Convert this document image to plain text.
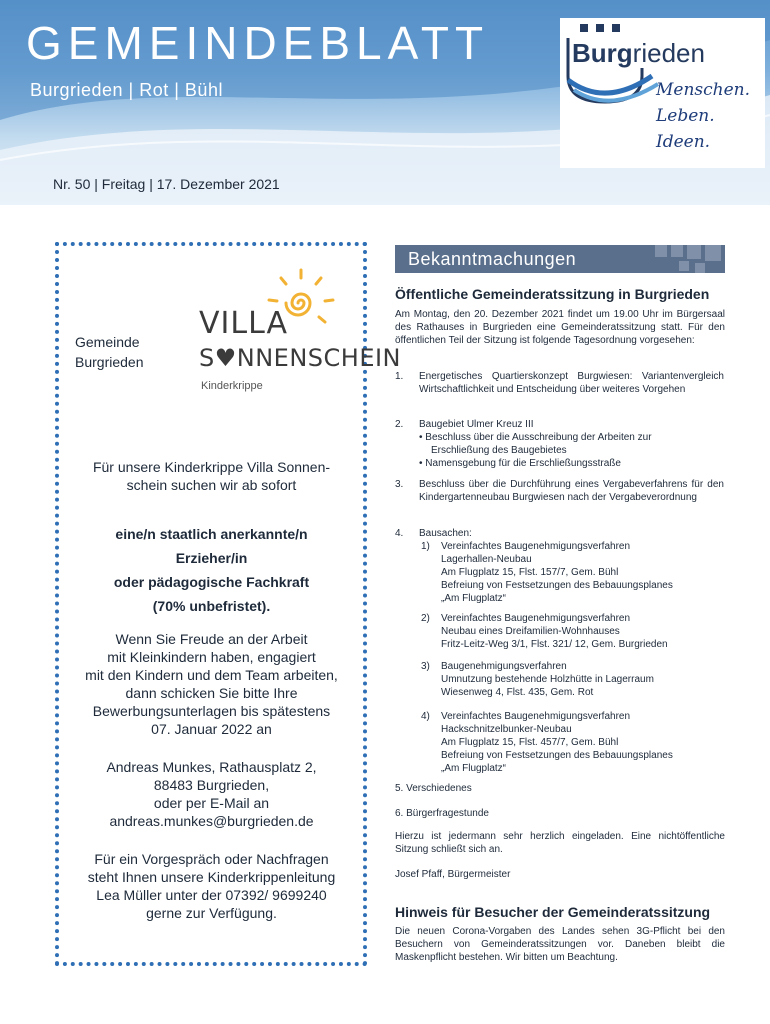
GEMEINDEBLATT
Burgrieden | Rot | Bühl
Nr. 50 | Freitag | 17. Dezember 2021
Burgrieden
Menschen.
Leben.
Ideen.
Gemeinde
Burgrieden
VILLA
S♥NNENSCHEIN
Kinderkrippe
Für unsere Kinderkrippe Villa Sonnen-
schein suchen wir ab sofort
eine/n staatlich anerkannte/n
Erzieher/in
oder pädagogische Fachkraft
(70% unbefristet).
Wenn Sie Freude an der Arbeit
mit Kleinkindern haben, engagiert
mit den Kindern und dem Team arbeiten,
dann schicken Sie bitte Ihre
Bewerbungsunterlagen bis spätestens
07. Januar 2022 an
Andreas Munkes, Rathausplatz 2,
88483 Burgrieden,
oder per E-Mail an
andreas.munkes@burgrieden.de
Für ein Vorgespräch oder Nachfragen
steht Ihnen unsere Kinderkrippenleitung
Lea Müller unter der 07392/ 9699240
gerne zur Verfügung.
Bekanntmachungen
Öffentliche Gemeinderatssitzung in Burgrieden
Am Montag, den 20. Dezember 2021 findet um 19.00 Uhr im Bürgersaal des Rathauses in Burgrieden eine Gemeinderatssitzung statt. Für den öffentlichen Teil der Sitzung ist folgende Tagesordnung vorgesehen:
1. Energetisches Quartierskonzept Burgwiesen: Variantenvergleich Wirtschaftlichkeit und Entscheidung über weiteres Vorgehen
2. Baugebiet Ulmer Kreuz III
• Beschluss über die Ausschreibung der Arbeiten zur
Erschließung des Baugebietes
• Namensgebung für die Erschließungsstraße
3. Beschluss über die Durchführung eines Vergabeverfahrens für den Kindergartenneubau Burgwiesen nach der Vergabeverordnung
4. Bausachen:
1) Vereinfachtes Baugenehmigungsverfahren
Lagerhallen-Neubau
Am Flugplatz 15, Flst. 157/7, Gem. Bühl
Befreiung von Festsetzungen des Bebauungsplanes
„Am Flugplatz“
2) Vereinfachtes Baugenehmigungsverfahren
Neubau eines Dreifamilien-Wohnhauses
Fritz-Leitz-Weg 3/1, Flst. 321/ 12, Gem. Burgrieden
3) Baugenehmigungsverfahren
Umnutzung bestehende Holzhütte in Lagerraum
Wiesenweg 4, Flst. 435, Gem. Rot
4) Vereinfachtes Baugenehmigungsverfahren
Hackschnitzelbunker-Neubau
Am Flugplatz 15, Flst. 457/7, Gem. Bühl
Befreiung von Festsetzungen des Bebauungsplanes
„Am Flugplatz“
5. Verschiedenes
6. Bürgerfragestunde
Hierzu ist jedermann sehr herzlich eingeladen. Eine nichtöffentliche Sitzung schließt sich an.
Josef Pfaff, Bürgermeister
Hinweis für Besucher der Gemeinderatssitzung
Die neuen Corona-Vorgaben des Landes sehen 3G-Pflicht bei den Besuchern von Gemeinderatssitzungen vor. Daneben bleibt die Maskenpflicht bestehen. Wir bitten um Beachtung.
